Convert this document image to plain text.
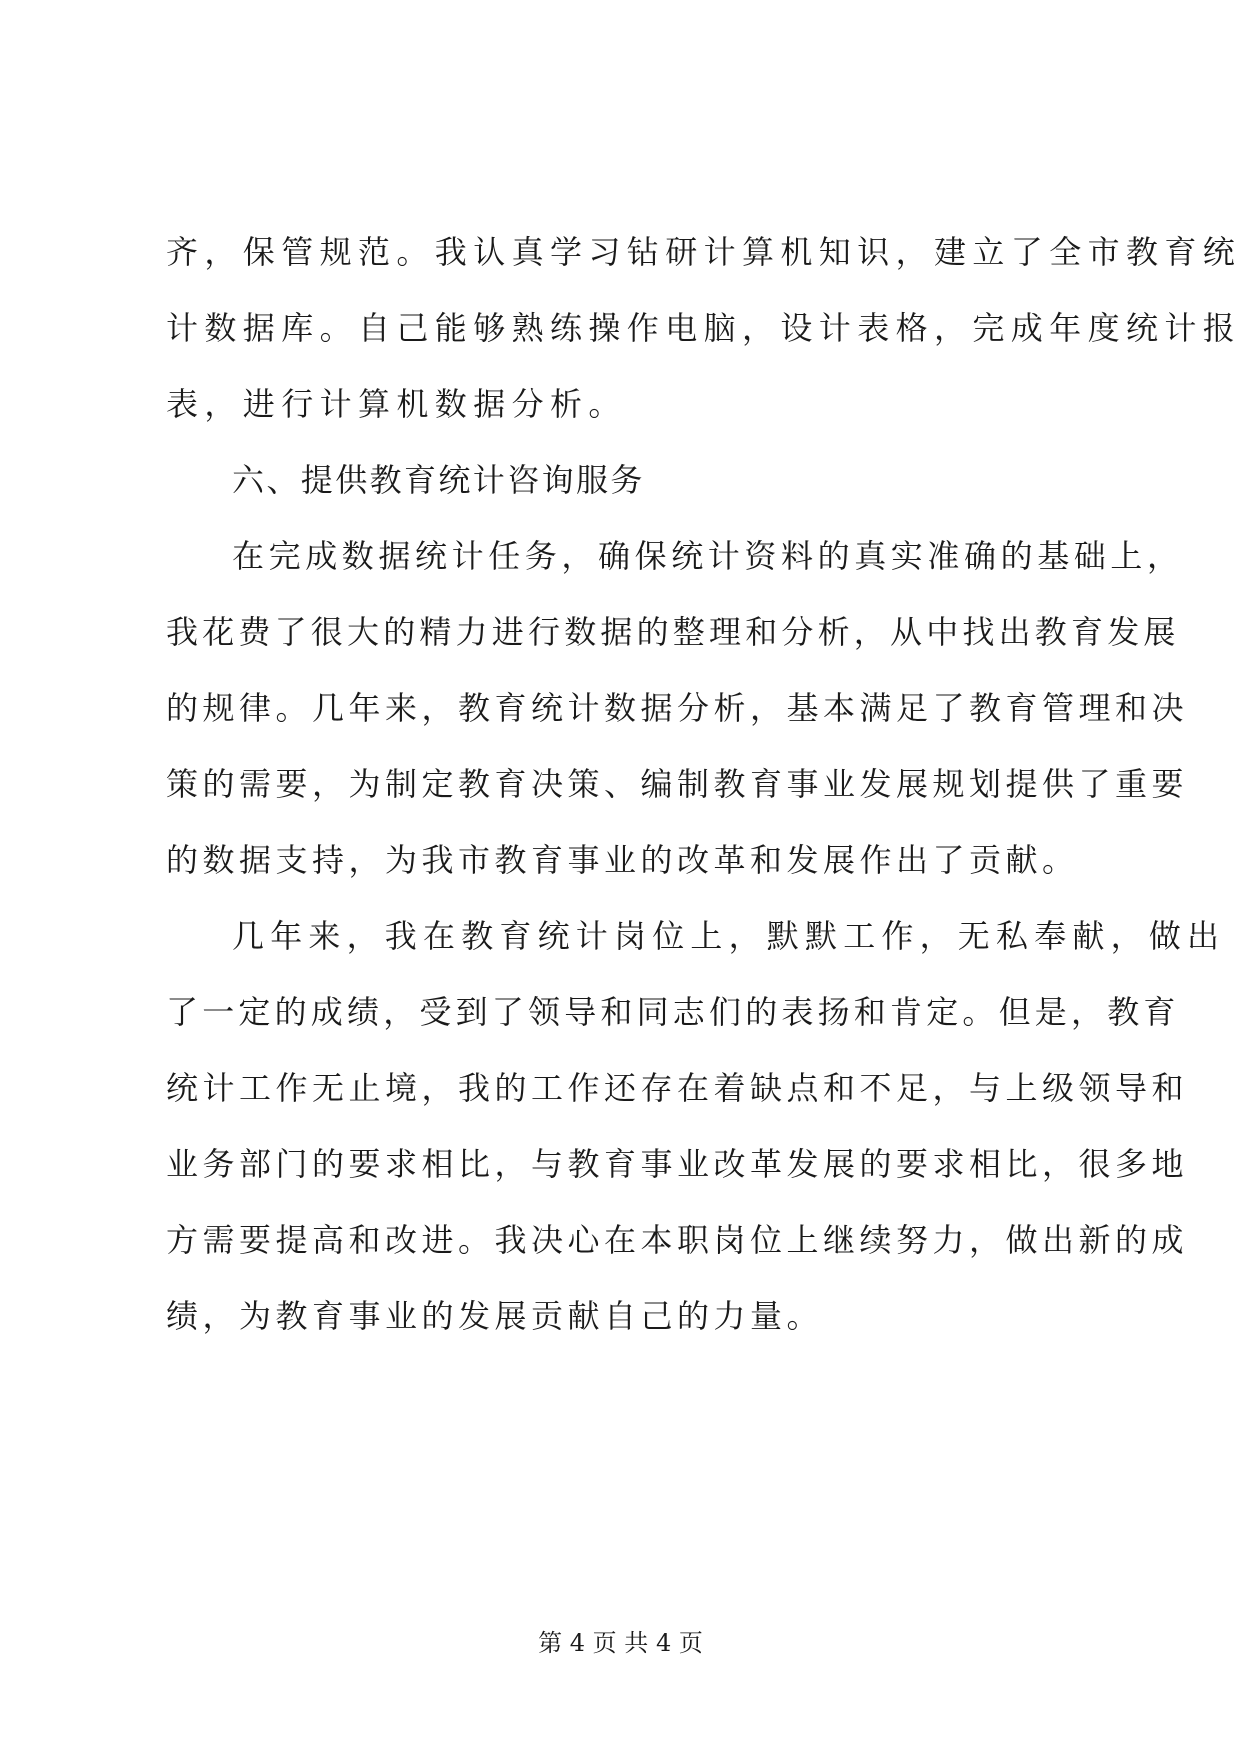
齐，保管规范。我认真学习钻研计算机知识，建立了全市教育统
计数据库。自己能够熟练操作电脑，设计表格，完成年度统计报
表，进行计算机数据分析。
六、提供教育统计咨询服务
在完成数据统计任务，确保统计资料的真实准确的基础上，
我花费了很大的精力进行数据的整理和分析，从中找出教育发展
的规律。几年来，教育统计数据分析，基本满足了教育管理和决
策的需要，为制定教育决策、编制教育事业发展规划提供了重要
的数据支持，为我市教育事业的改革和发展作出了贡献。
几年来，我在教育统计岗位上，默默工作，无私奉献，做出
了一定的成绩，受到了领导和同志们的表扬和肯定。但是，教育
统计工作无止境，我的工作还存在着缺点和不足，与上级领导和
业务部门的要求相比，与教育事业改革发展的要求相比，很多地
方需要提高和改进。我决心在本职岗位上继续努力，做出新的成
绩，为教育事业的发展贡献自己的力量。
第 4 页 共 4 页
